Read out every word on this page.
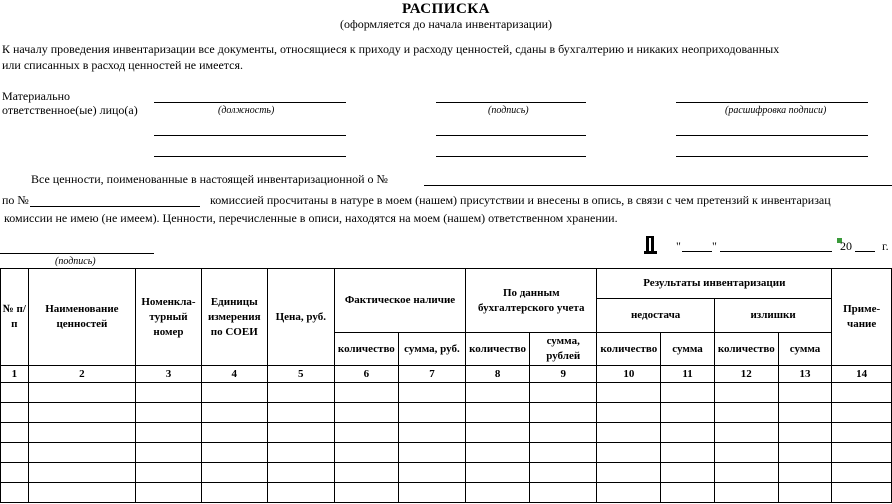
РАСПИСКА
(оформляется до начала инвентаризации)
К началу проведения инвентаризации все документы, относящиеся к приходу и расходу ценностей, сданы в бухгалтерию и никаких неоприходованных
или списанных в расход ценностей не имеется.
Материально
ответственное(ые) лицо(а)	(должность)	(подпись)	(расшифровка подписи)
Все ценности, поименованные в настоящей инвентаризационной о №
по №	комиссией просчитаны в натуре в моем (нашем) присутствии и внесены в опись, в связи с чем претензий к инвентаризац
комиссии не имею (не имеем). Ценности, перечисленные в описи, находятся на моем (нашем) ответственном хранении.
(подпись)
"	"	20	г.
№ п/п	Наименование ценностей	Номенкла-турный номер	Единицы измерения по СОЕИ	Цена, руб.	Фактическое наличие		По данным бухгалтерского учета		Результаты инвентаризации				Приме-чание
									недостача		излишки		
					количество	сумма, руб.	количество	сумма, рублей	количество	сумма	количество	сумма	
1	2	3	4	5	6	7	8	9	10	11	12	13	14
